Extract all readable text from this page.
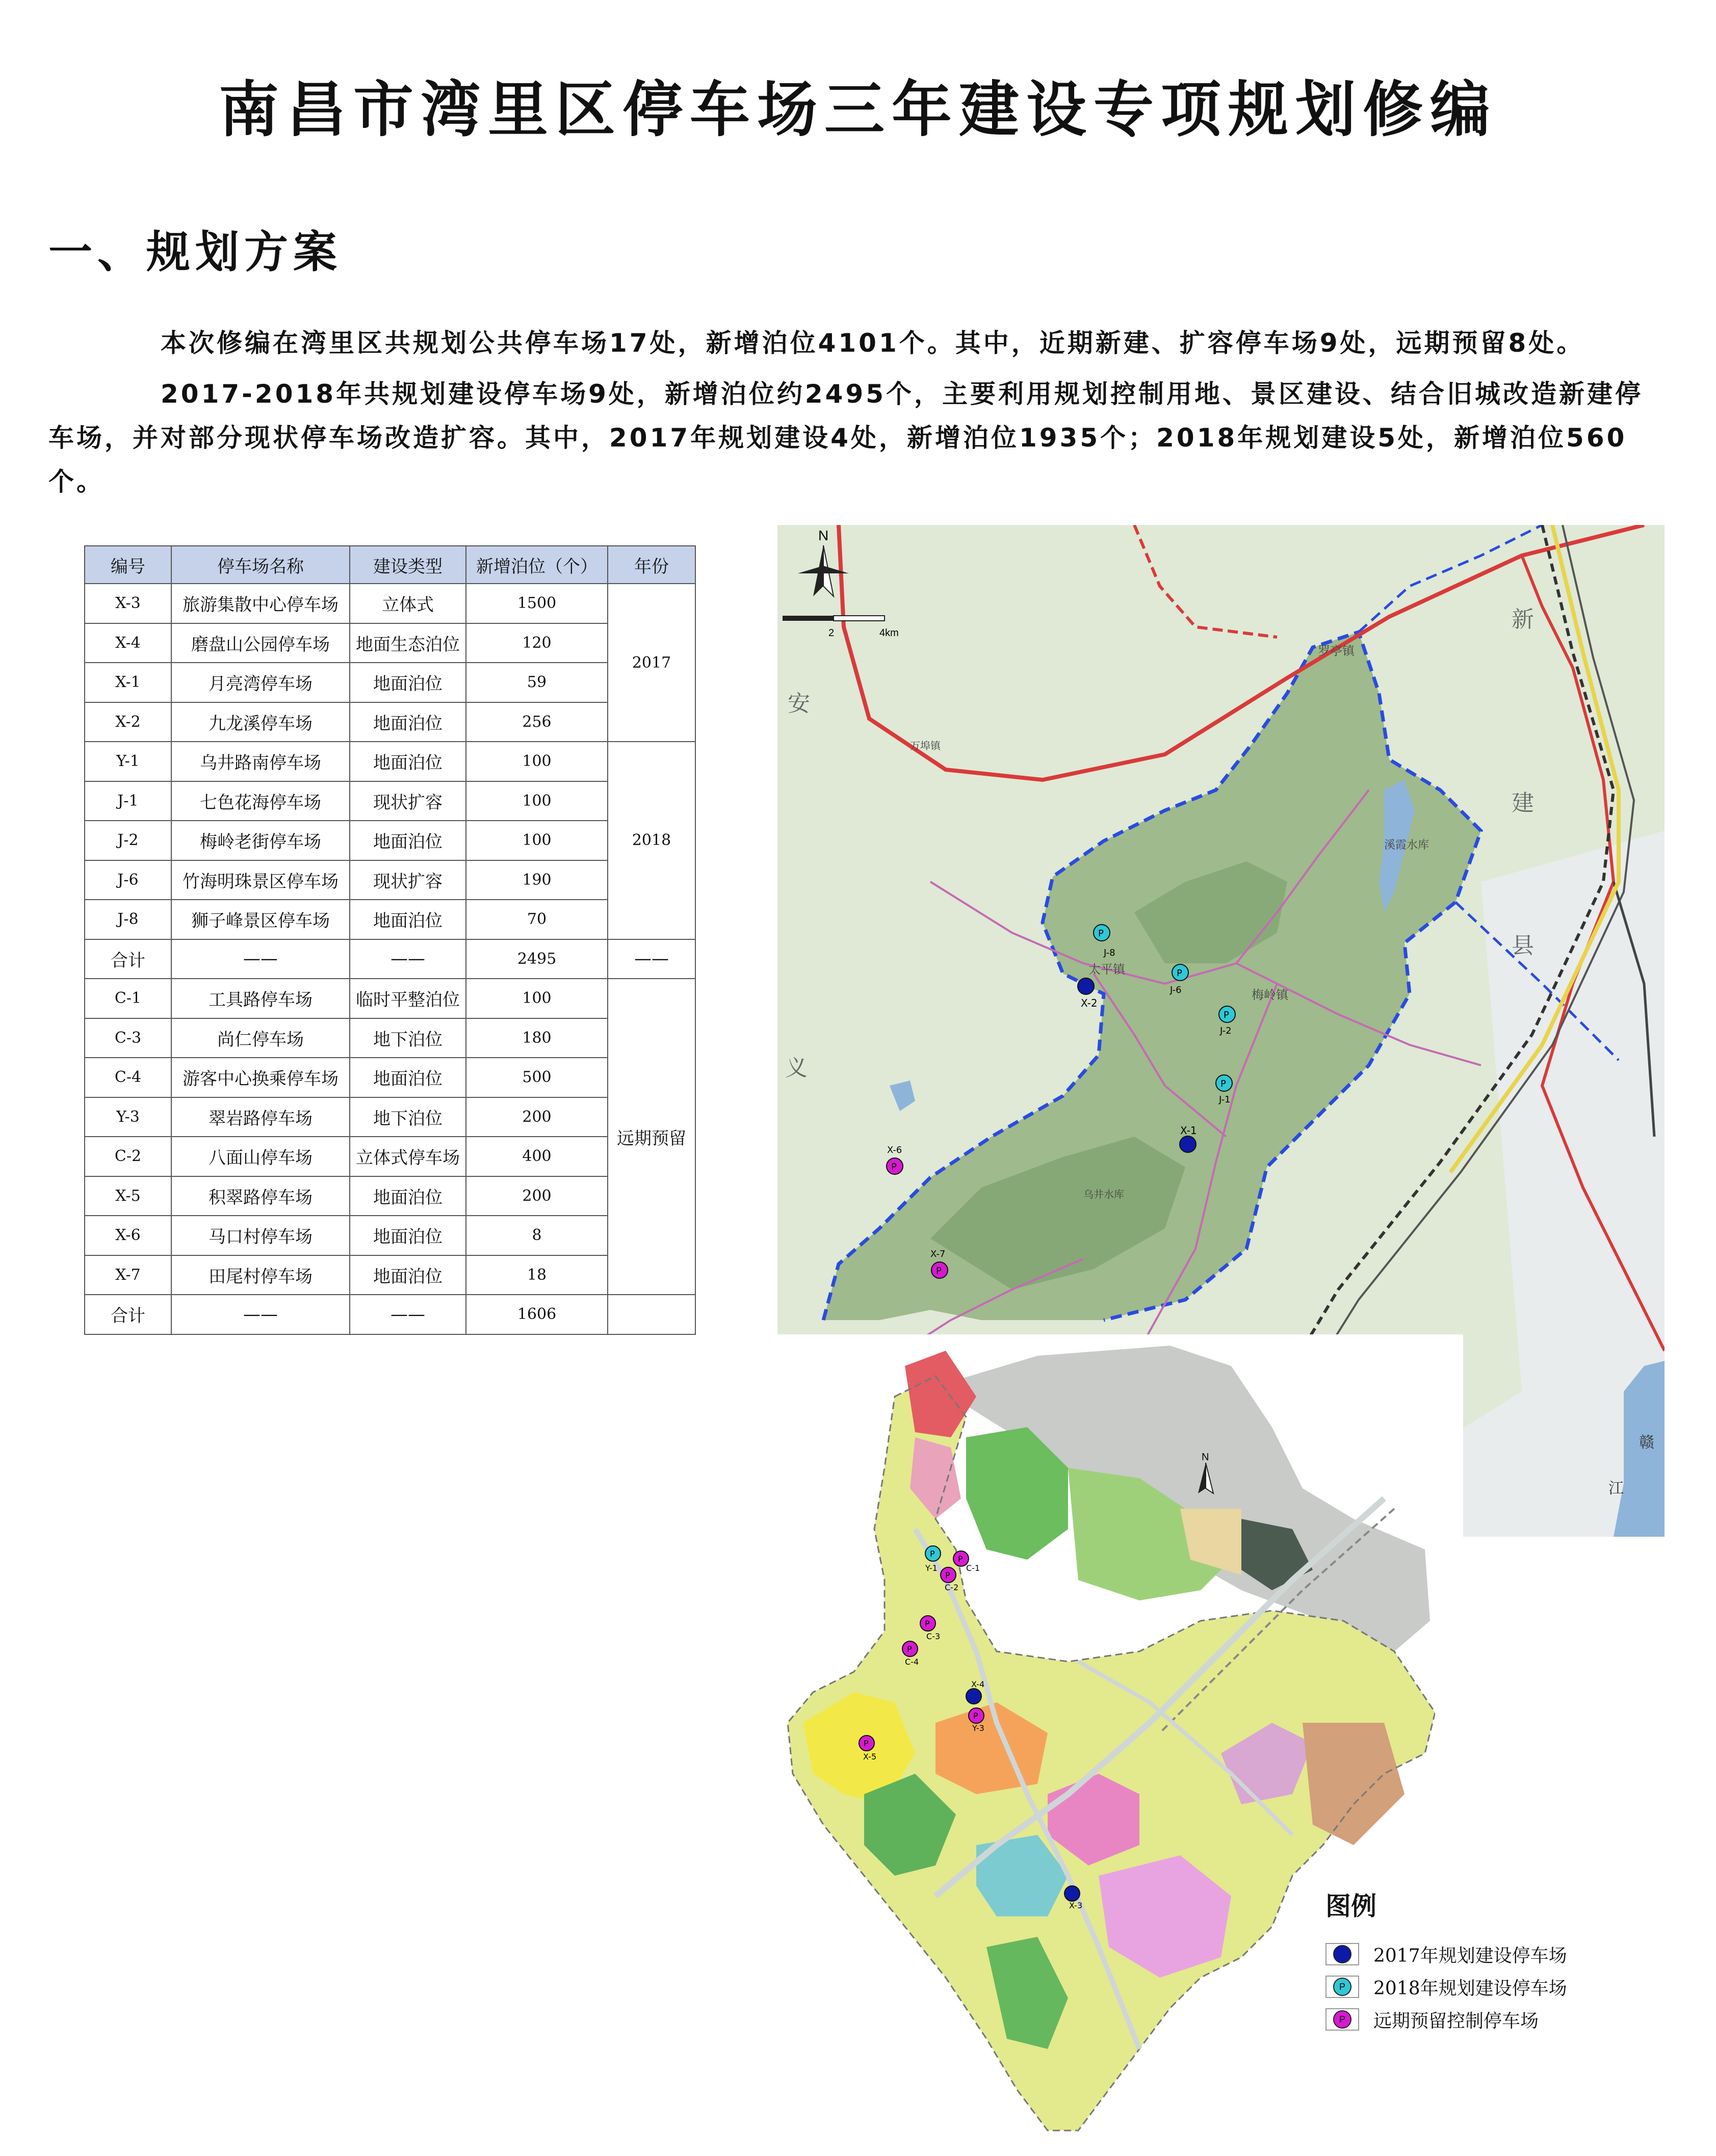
南昌市湾里区停车场三年建设专项规划修编
一、规划方案
本次修编在湾里区共规划公共停车场17处，新增泊位4101个。其中，近期新建、扩容停车场9处，远期预留8处。
2017-2018年共规划建设停车场9处，新增泊位约2495个，主要利用规划控制用地、景区建设、结合旧城改造新建停车场，并对部分现状停车场改造扩容。其中，2017年规划建设4处，新增泊位1935个；2018年规划建设5处，新增泊位560个。
编号	停车场名称	建设类型	新增泊位（个）	年份
X-3	旅游集散中心停车场	立体式	1500	2017
X-4	磨盘山公园停车场	地面生态泊位	120	
X-1	月亮湾停车场	地面泊位	59	
X-2	九龙溪停车场	地面泊位	256	
Y-1	乌井路南停车场	地面泊位	100	2018
J-1	七色花海停车场	现状扩容	100	
J-2	梅岭老街停车场	地面泊位	100	
J-6	竹海明珠景区停车场	现状扩容	190	
J-8	狮子峰景区停车场	地面泊位	70	
合计	——	——	2495	——
C-1	工具路停车场	临时平整泊位	100	远期预留
C-3	尚仁停车场	地下泊位	180	
C-4	游客中心换乘停车场	地面泊位	500	
Y-3	翠岩路停车场	地下泊位	200	
C-2	八面山停车场	立体式停车场	400	
X-5	积翠路停车场	地面泊位	200	
X-6	马口村停车场	地面泊位	8	
X-7	田尾村停车场	地面泊位	18	
合计	——	——	1606	
N
2	4km
安
义
新
建
县
太平镇
梅岭镇
罗亭镇
溪霞水库
乌井水库
万埠镇
赣
江
X-2
X-1
P
J-8
P
J-6
P
J-2
P
J-1
P
X-6
P
X-7
N
P
Y-1
P
C-1
P
C-2
P
C-3
P
C-4
X-4
P
Y-3
P
X-5
X-3	图例
2017年规划建设停车场
P	2018年规划建设停车场
P	远期预留控制停车场
